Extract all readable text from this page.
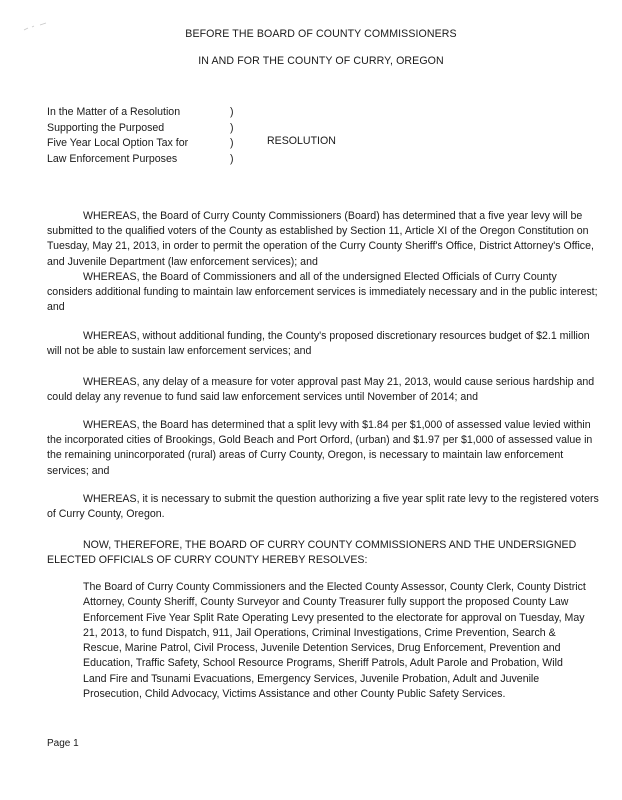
BEFORE THE BOARD OF COUNTY COMMISSIONERS
IN AND FOR THE COUNTY OF CURRY, OREGON
In the Matter of a Resolution	)
Supporting the Purposed	)
Five Year Local Option Tax for	)
Law Enforcement Purposes	)
RESOLUTION

WHEREAS, the Board of Curry County Commissioners (Board) has determined that a five year levy will be submitted to the qualified voters of the County as established by Section 11, Article XI of the Oregon Constitution on Tuesday, May 21, 2013, in order to permit the operation of the Curry County Sheriff's Office, District Attorney's Office, and Juvenile Department (law enforcement services); and

WHEREAS, the Board of Commissioners and all of the undersigned Elected Officials of Curry County considers additional funding to maintain law enforcement services is immediately necessary and in the public interest; and

WHEREAS, without additional funding, the County's proposed discretionary resources budget of $2.1 million will not be able to sustain law enforcement services; and

WHEREAS, any delay of a measure for voter approval past May 21, 2013, would cause serious hardship and could delay any revenue to fund said law enforcement services until November of 2014; and

WHEREAS, the Board has determined that a split levy with $1.84 per $1,000 of assessed value levied within the incorporated cities of Brookings, Gold Beach and Port Orford, (urban) and $1.97 per $1,000 of assessed value in the remaining unincorporated (rural) areas of Curry County, Oregon, is necessary to maintain law enforcement services; and

WHEREAS, it is necessary to submit the question authorizing a five year split rate levy to the registered voters of Curry County, Oregon.

NOW, THEREFORE, THE BOARD OF CURRY COUNTY COMMISSIONERS AND THE UNDERSIGNED ELECTED OFFICIALS OF CURRY COUNTY HEREBY RESOLVES:

The Board of Curry County Commissioners and the Elected County Assessor, County Clerk, County District Attorney, County Sheriff, County Surveyor and County Treasurer fully support the proposed County Law Enforcement Five Year Split Rate Operating Levy presented to the electorate for approval on Tuesday, May 21, 2013, to fund Dispatch, 911, Jail Operations, Criminal Investigations, Crime Prevention, Search & Rescue, Marine Patrol, Civil Process, Juvenile Detention Services, Drug Enforcement, Prevention and Education, Traffic Safety, School Resource Programs, Sheriff Patrols, Adult Parole and Probation, Wild Land Fire and Tsunami Evacuations, Emergency Services, Juvenile Probation, Adult and Juvenile Prosecution, Child Advocacy, Victims Assistance and other County Public Safety Services.
Page 1
